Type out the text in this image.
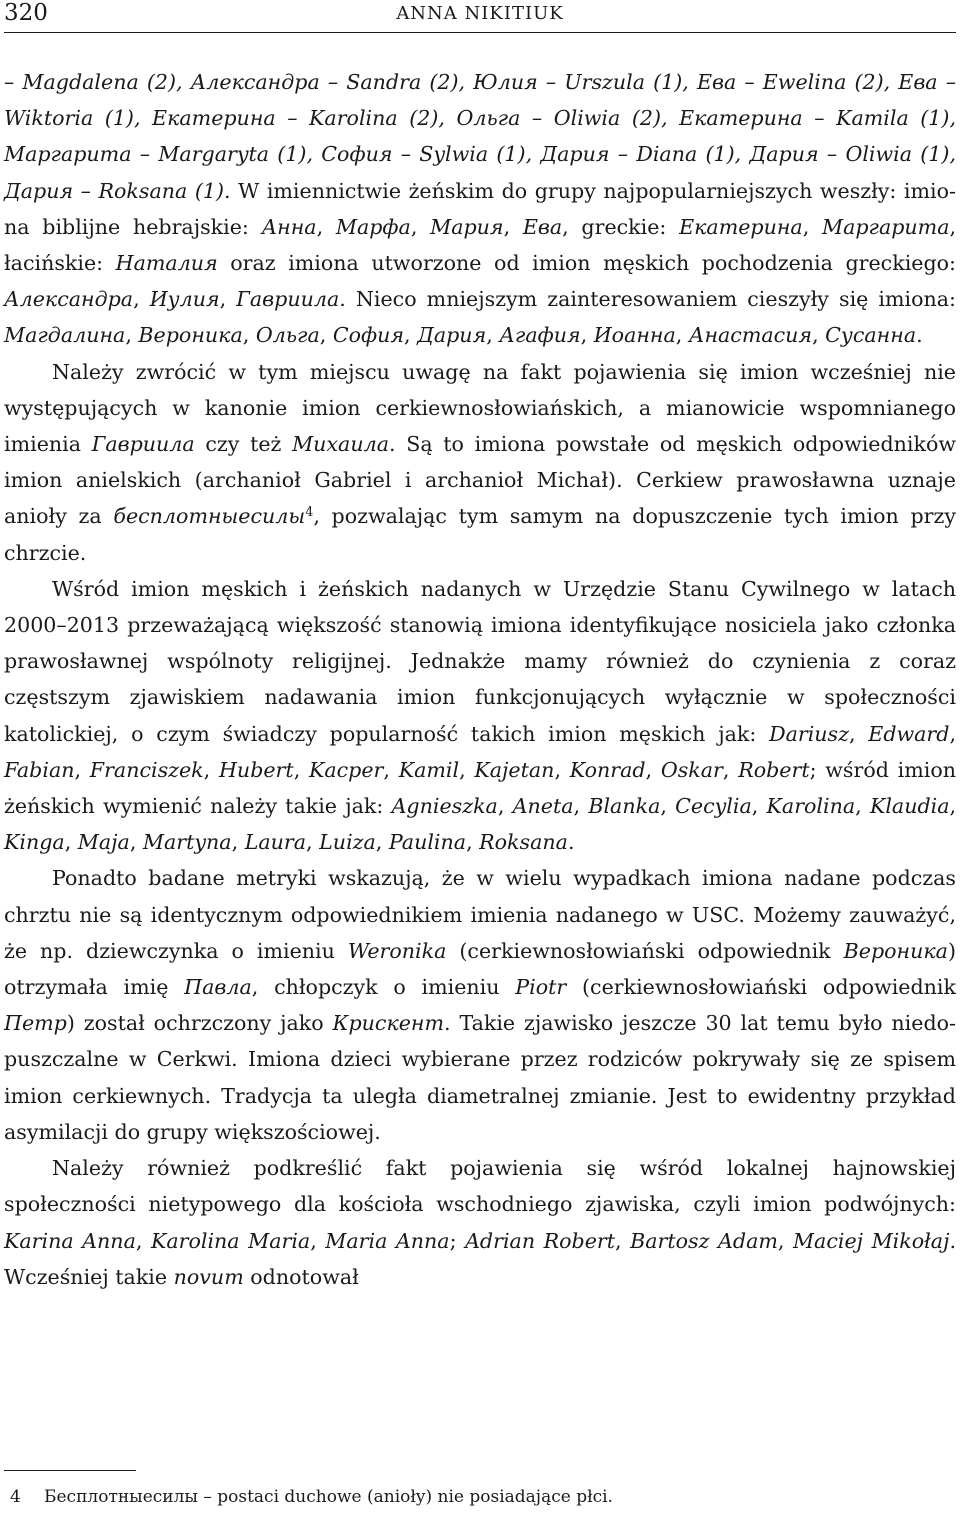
320	ANNA NIKITIUK

– Magdalena (2), Александра – Sandra (2), Юлия – Urszula (1), Ева – Ewelina (2), Ева – Wiktoria (1), Екатерина – Karolina (2), Ольга – Oliwia (2), Екатерина – Kamila (1), Маргарита – Margaryta (1), София – Sylwia (1), Дария – Diana (1), Дария – Oliwia (1), Дария – Roksana (1). W imiennictwie żeńskim do grupy najpopularniejszych weszły: imiona biblijne hebrajskie: Анна, Марфа, Мария, Ева, greckie: Екатерина, Маргарита, łacińskie: Наталия oraz imiona utworzone od imion męskich pochodzenia greckiego: Александра, Иулия, Гавриила. Nieco mniejszym zainteresowaniem cieszyły się imiona: Магдалина, Вероника, Ольга, София, Дария, Агафия, Иоанна, Анастасия, Сусанна.

Należy zwrócić w tym miejscu uwagę na fakt pojawienia się imion wcześniej nie występujących w kanonie imion cerkiewnosłowiańskich, a mianowicie wspomnianego imienia Гавриила czy też Михаила. Są to imiona powstałe od męskich odpowiedników imion anielskich (archanioł Gabriel i archanioł Michał). Cerkiew prawosławna uznaje anioły za бесплотныесилы$^4$, pozwalając tym samym na dopuszczenie tych imion przy chrzcie.

Wśród imion męskich i żeńskich nadanych w Urzędzie Stanu Cywilnego w latach 2000–2013 przeważającą większość stanowią imiona identyfikujące nosiciela jako członka prawosławnej wspólnoty religijnej. Jednakże mamy również do czynienia z coraz częstszym zjawiskiem nadawania imion funkcjonujących wyłącznie w społeczności katolickiej, o czym świadczy popularność takich imion męskich jak: Dariusz, Edward, Fabian, Franciszek, Hubert, Kacper, Kamil, Kajetan, Konrad, Oskar, Robert; wśród imion żeńskich wymienić należy takie jak: Agnieszka, Aneta, Blanka, Cecylia, Karolina, Klaudia, Kinga, Maja, Martyna, Laura, Luiza, Paulina, Roksana.

Ponadto badane metryki wskazują, że w wielu wypadkach imiona nadane podczas chrztu nie są identycznym odpowiednikiem imienia nadanego w USC. Możemy zauważyć, że np. dziewczynka o imieniu Weronika (cerkiewnosłowiański odpowiednik Вероника) otrzymała imię Павла, chłopczyk o imieniu Piotr (cerkiewnosłowiański odpowiednik Петр) został ochrzczony jako Крискент. Takie zjawisko jeszcze 30 lat temu było niedopuszczalne w Cerkwi. Imiona dzieci wybierane przez rodziców pokrywały się ze spisem imion cerkiewnych. Tradycja ta uległa diametralnej zmianie. Jest to ewidentny przykład asymilacji do grupy większościowej.

Należy również podkreślić fakt pojawienia się wśród lokalnej hajnowskiej społeczności nietypowego dla kościoła wschodniego zjawiska, czyli imion podwójnych: Karina Anna, Karolina Maria, Maria Anna; Adrian Robert, Bartosz Adam, Maciej Mikołaj. Wcześniej takie novum odnotował

4 Бесплотныесилы – postaci duchowe (anioły) nie posiadające płci.
